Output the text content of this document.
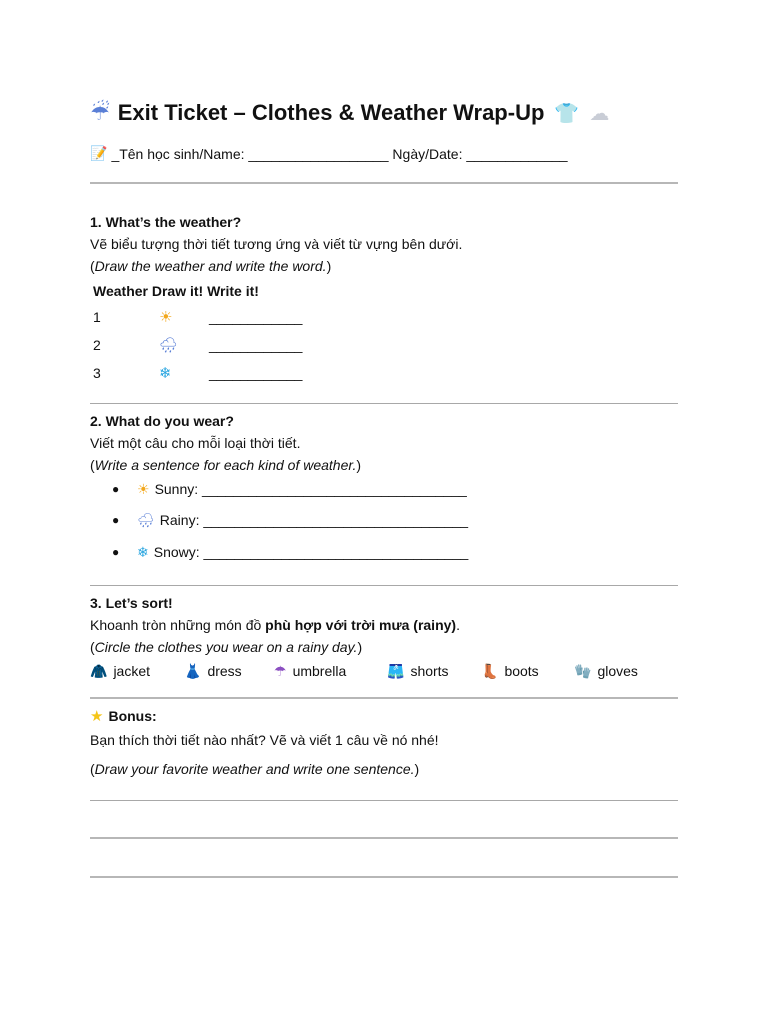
☔ Exit Ticket – Clothes & Weather Wrap-Up 👕 ☁
📝 _Tên học sinh/Name: __________________ Ngày/Date: _____________
1. What’s the weather?
Vẽ biểu tượng thời tiết tương ứng và viết từ vựng bên dưới.
(Draw the weather and write the word.)
Weather Draw it! Write it!
1	☀	____________
2	🌧	____________
3	❄	____________
2. What do you wear?
Viết một câu cho mỗi loại thời tiết.
(Write a sentence for each kind of weather.)
●	☀ Sunny: __________________________________
●	🌧 Rainy: __________________________________
●	❄ Snowy: __________________________________
3. Let’s sort!
Khoanh tròn những món đồ phù hợp với trời mưa (rainy).
(Circle the clothes you wear on a rainy day.)
🧥 jacket 👗 dress ☂ umbrella	🩳 shorts 👢 boots	🧤 gloves
★ Bonus:
Bạn thích thời tiết nào nhất? Vẽ và viết 1 câu về nó nhé!
(Draw your favorite weather and write one sentence.)
